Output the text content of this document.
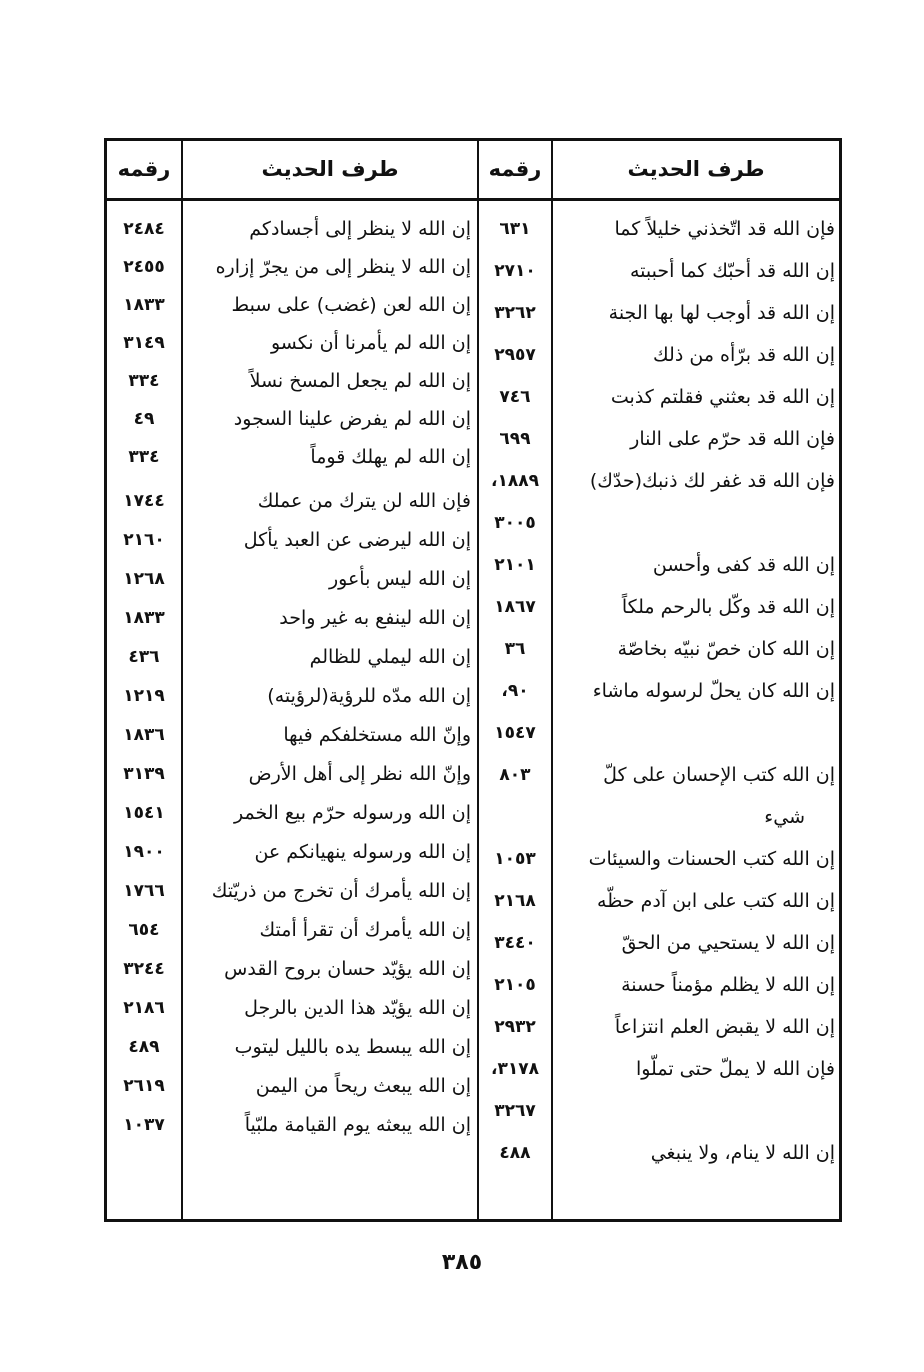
طرف الحديث
رقمه
طرف الحديث
رقمه
فإن الله قد اتّخذني خليلاً كما
٦٣١
إن الله قد أحبّك كما أحببته
٢٧١٠
إن الله قد أوجب لها بها الجنة
٣٢٦٢
إن الله قد برّأه من ذلك
٢٩٥٧
إن الله قد بعثني فقلتم كذبت
٧٤٦
فإن الله قد حرّم على النار
٦٩٩
فإن الله قد غفر لك ذنبك(حدّك)
١٨٨٩،
٣٠٠٥
إن الله قد كفى وأحسن
٢١٠١
إن الله قد وكّل بالرحم ملكاً
١٨٦٧
إن الله كان خصّ نبيّه بخاصّة
٣٦
إن الله كان يحلّ لرسوله ماشاء
٩٠،
١٥٤٧
إن الله كتب الإحسان على كلّ
٨٠٣
شيء
إن الله كتب الحسنات والسيئات
١٠٥٣
إن الله كتب على ابن آدم حظّه
٢١٦٨
إن الله لا يستحيي من الحقّ
٣٤٤٠
إن الله لا يظلم مؤمناً حسنة
٢١٠٥
إن الله لا يقبض العلم انتزاعاً
٢٩٣٢
فإن الله لا يملّ حتى تملّوا
٣١٧٨،
٣٢٦٧
إن الله لا ينام، ولا ينبغي
٤٨٨
إن الله لا ينظر إلى أجسادكم
٢٤٨٤
إن الله لا ينظر إلى من يجرّ إزاره
٢٤٥٥
إن الله لعن (غضب) على سبط
١٨٣٣
إن الله لم يأمرنا أن نكسو
٣١٤٩
إن الله لم يجعل المسخ نسلاً
٣٣٤
إن الله لم يفرض علينا السجود
٤٩
إن الله لم يهلك قوماً
٣٣٤
فإن الله لن يترك من عملك
١٧٤٤
إن الله ليرضى عن العبد يأكل
٢١٦٠
إن الله ليس بأعور
١٢٦٨
إن الله لينفع به غير واحد
١٨٣٣
إن الله ليملي للظالم
٤٣٦
إن الله مدّه للرؤية(لرؤيته)
١٢١٩
وإنّ الله مستخلفكم فيها
١٨٣٦
وإنّ الله نظر إلى أهل الأرض
٣١٣٩
إن الله ورسوله حرّم بيع الخمر
١٥٤١
إن الله ورسوله ينهيانكم عن
١٩٠٠
إن الله يأمرك أن تخرج من ذريّتك
١٧٦٦
إن الله يأمرك أن تقرأ أمتك
٦٥٤
إن الله يؤيّد حسان بروح القدس
٣٢٤٤
إن الله يؤيّد هذا الدين بالرجل
٢١٨٦
إن الله يبسط يده بالليل ليتوب
٤٨٩
إن الله يبعث ريحاً من اليمن
٢٦١٩
إن الله يبعثه يوم القيامة ملبّياً
١٠٣٧
٣٨٥
